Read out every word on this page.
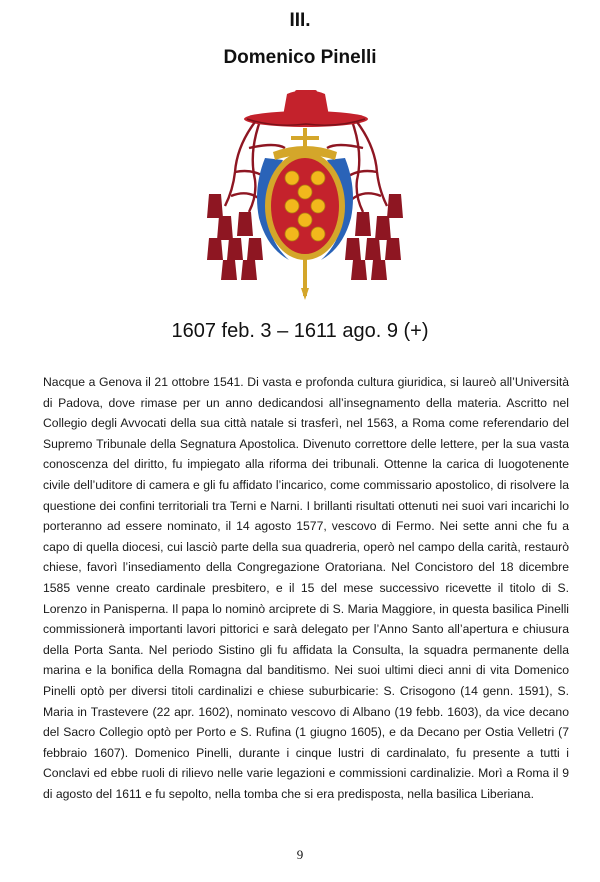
III.
Domenico Pinelli
1607 feb. 3 – 1611 ago. 9 (+)
Nacque a Genova il 21 ottobre 1541. Di vasta e profonda cultura giuridica, si laureò all’Università di Padova, dove rimase per un anno dedicandosi all’insegnamento della materia. Ascritto nel Collegio degli Avvocati della sua città natale si trasferì, nel 1563, a Roma come referendario del Supremo Tribunale della Segnatura Apostolica. Divenuto correttore delle lettere, per la sua vasta conoscenza del diritto, fu impiegato alla riforma dei tribunali. Ottenne la carica di luogotenente civile dell’uditore di camera e gli fu affidato l’incarico, come commissario apostolico, di risolvere la questione dei confini territoriali tra Terni e Narni. I brillanti risultati ottenuti nei suoi vari incarichi lo porteranno ad essere nominato, il 14 agosto 1577, vescovo di Fermo. Nei sette anni che fu a capo di quella diocesi, cui lasciò parte della sua quadreria, operò nel campo della carità, restaurò chiese, favorì l’insediamento della Congregazione Oratoriana. Nel Concistoro del 18 dicembre 1585 venne creato cardinale presbitero, e il 15 del mese successivo ricevette il titolo di S. Lorenzo in Panisperna. Il papa lo nominò arciprete di S. Maria Maggiore, in questa basilica Pinelli commissionerà importanti lavori pittorici e sarà delegato per l’Anno Santo all’apertura e chiusura della Porta Santa. Nel periodo Sistino gli fu affidata la Consulta, la squadra permanente della marina e la bonifica della Romagna dal banditismo. Nei suoi ultimi dieci anni di vita Domenico Pinelli optò per diversi titoli cardinalizi e chiese suburbicarie: S. Crisogono (14 genn. 1591), S. Maria in Trastevere (22 apr. 1602), nominato vescovo di Albano (19 febb. 1603), da vice decano del Sacro Collegio optò per Porto e S. Rufina (1 giugno 1605), e da Decano per Ostia Velletri (7 febbraio 1607). Domenico Pinelli, durante i cinque lustri di cardinalato, fu presente a tutti i Conclavi ed ebbe ruoli di rilievo nelle varie legazioni e commissioni cardinalizie. Morì a Roma il 9 di agosto del 1611 e fu sepolto, nella tomba che si era predisposta, nella basilica Liberiana.
9
